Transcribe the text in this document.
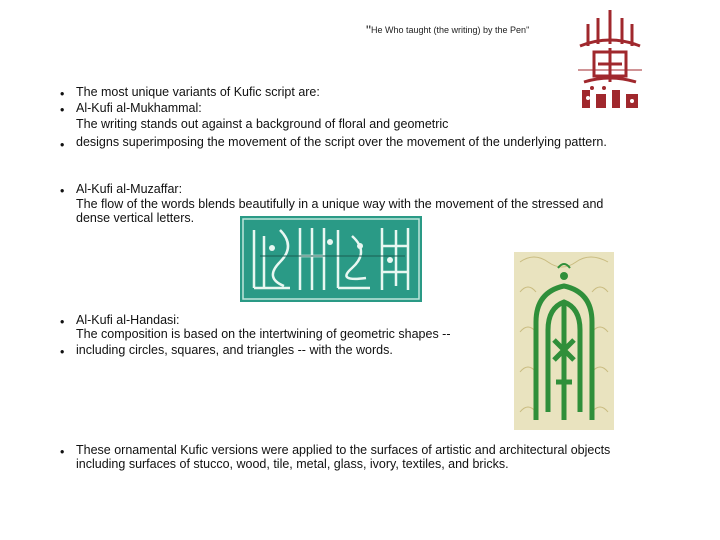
"He Who taught (the writing) by the Pen"
•
•
•
The most unique variants of Kufic script are:
Al-Kufi al-Mukhammal:
The writing stands out against a background of floral and geometric
designs superimposing the movement of the script over the movement of the underlying pattern.
•
Al-Kufi al-Muzaffar:
The flow of the words blends beautifully in a unique way with the movement of the stressed and
dense vertical letters.
•
•
Al-Kufi al-Handasi:
The composition is based on the intertwining of geometric shapes --
including circles, squares, and triangles -- with the words.
•
These ornamental Kufic versions were applied to the surfaces of artistic and architectural objects
including surfaces of stucco, wood, tile, metal, glass, ivory, textiles, and bricks.
